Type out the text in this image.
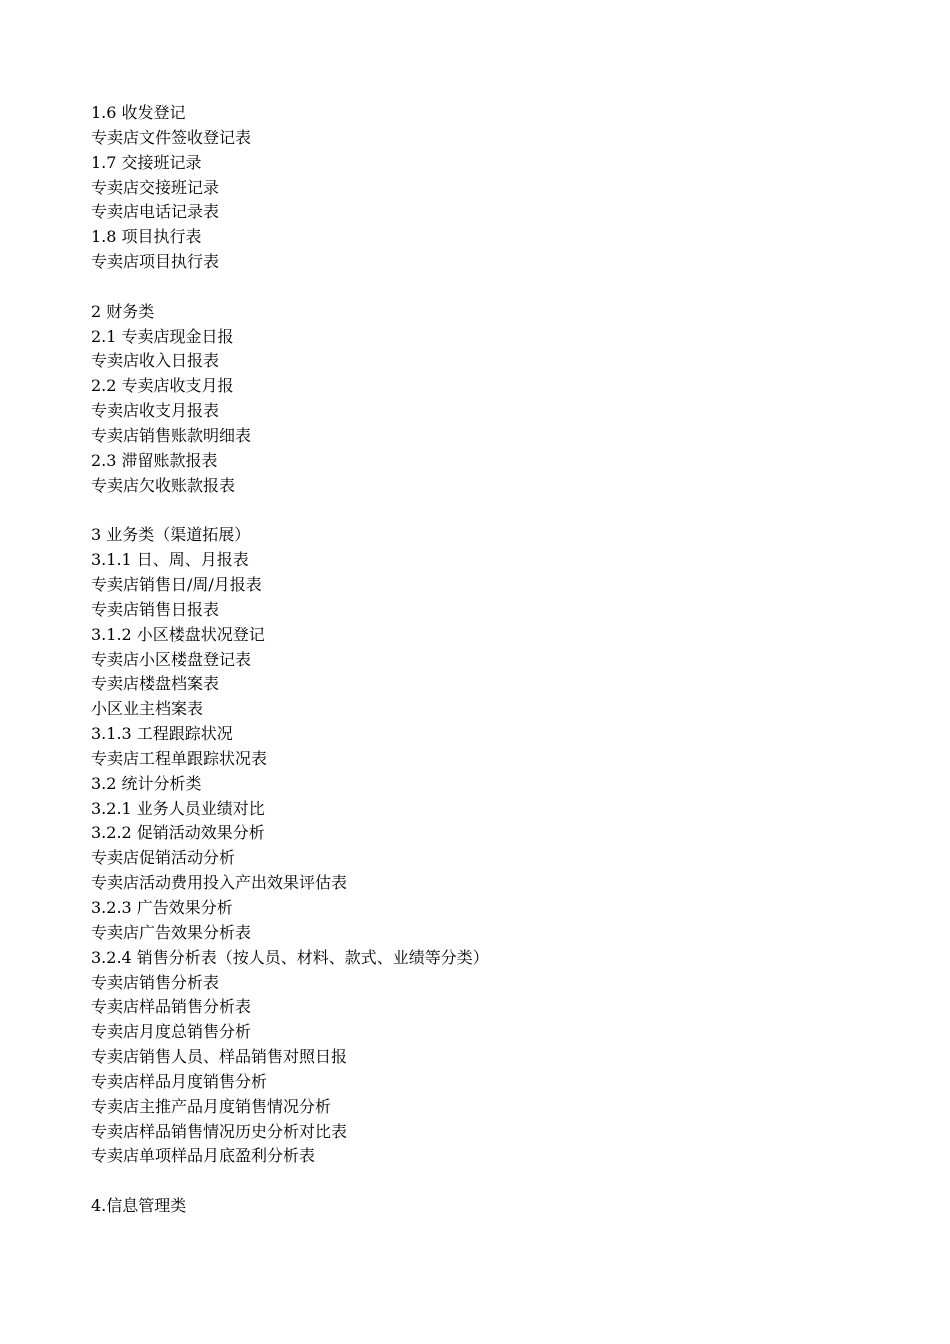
1.6 收发登记
专卖店文件签收登记表
1.7 交接班记录
专卖店交接班记录
专卖店电话记录表
1.8 项目执行表
专卖店项目执行表
2 财务类
2.1 专卖店现金日报
专卖店收入日报表
2.2 专卖店收支月报
专卖店收支月报表
专卖店销售账款明细表
2.3 滞留账款报表
专卖店欠收账款报表
3 业务类（渠道拓展）
3.1.1 日、周、月报表
专卖店销售日/周/月报表
专卖店销售日报表
3.1.2 小区楼盘状况登记
专卖店小区楼盘登记表
专卖店楼盘档案表
小区业主档案表
3.1.3 工程跟踪状况
专卖店工程单跟踪状况表
3.2 统计分析类
3.2.1 业务人员业绩对比
3.2.2 促销活动效果分析
专卖店促销活动分析
专卖店活动费用投入产出效果评估表
3.2.3 广告效果分析
专卖店广告效果分析表
3.2.4 销售分析表（按人员、材料、款式、业绩等分类）
专卖店销售分析表
专卖店样品销售分析表
专卖店月度总销售分析
专卖店销售人员、样品销售对照日报
专卖店样品月度销售分析
专卖店主推产品月度销售情况分析
专卖店样品销售情况历史分析对比表
专卖店单项样品月底盈利分析表
4.信息管理类
